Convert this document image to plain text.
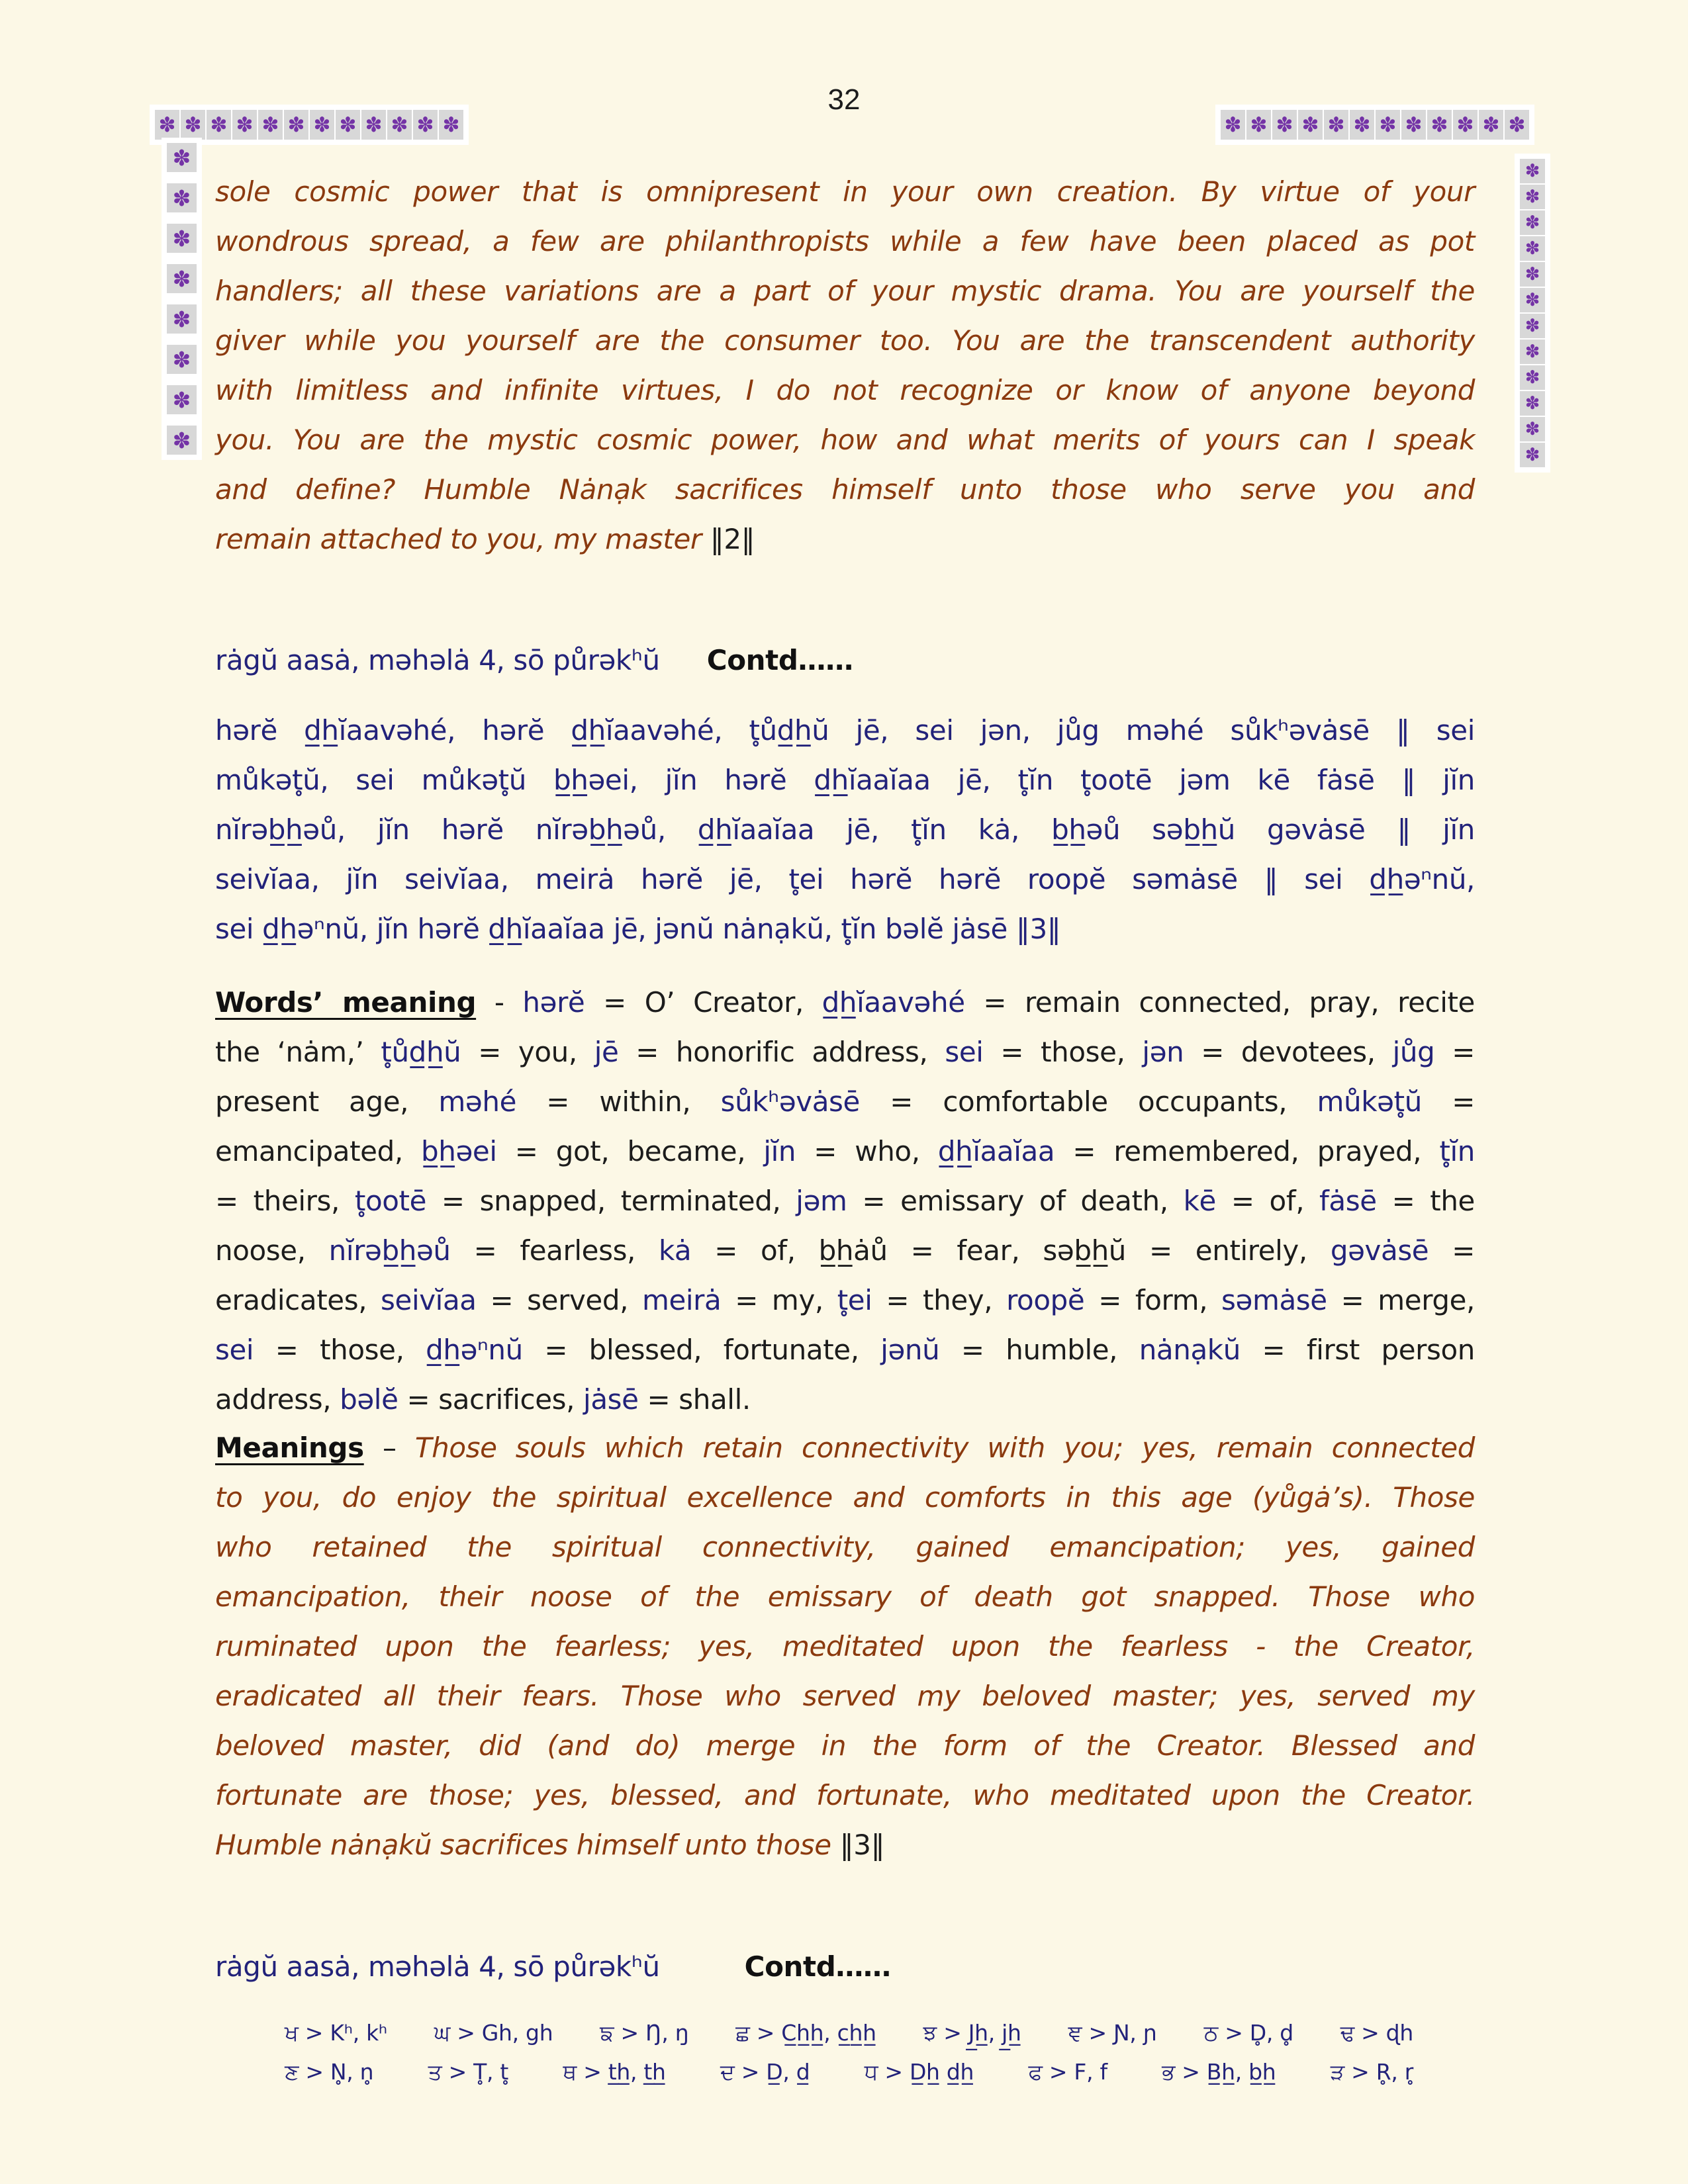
32
✽ ✽ ✽ ✽ ✽ ✽ ✽ ✽ ✽ ✽ ✽ ✽	✽ ✽ ✽ ✽ ✽ ✽ ✽ ✽ ✽ ✽ ✽ ✽
✽
✽
✽
✽
✽
✽
✽
✽
✽
✽
✽
✽
✽
✽
✽
✽
✽
✽
✽
✽
sole cosmic power that is omnipresent in your own creation. By virtue of your
wondrous spread, a few are philanthropists while a few have been placed as pot
handlers; all these variations are a part of your mystic drama. You are yourself the
giver while you yourself are the consumer too. You are the transcendent authority
with limitless and infinite virtues, I do not recognize or know of anyone beyond
you. You are the mystic cosmic power, how and what merits of yours can I speak
and define? Humble Nȧnạk sacrifices himself unto those who serve you and
remain attached to you, my master ‖2‖
rȧgŭ aasȧ, məhəlȧ 4, sō půrəkʰŭ     Contd……
hərĕ d̲h̲ĭaavəhé, hərĕ d̲h̲ĭaavəhé, t̥ůd̲h̲ŭ jē, sei jən, jůg məhé sůkʰəvȧsē ‖ sei
můkət̥ŭ, sei můkət̥ŭ b̲h̲əei, jĭn hərĕ d̲h̲ĭaaĭaa jē, t̥ĭn t̥ootē jəm kē fȧsē ‖ jĭn
nĭrəb̲h̲əů, jĭn hərĕ nĭrəb̲h̲əů, d̲h̲ĭaaĭaa jē, t̥ĭn kȧ, b̲h̲əů səb̲h̲ŭ gəvȧsē ‖ jĭn
seivĭaa, jĭn seivĭaa, meirȧ hərĕ jē, t̥ei hərĕ hərĕ roopĕ səmȧsē ‖ sei d̲h̲əⁿnŭ,
sei d̲h̲əⁿnŭ, jĭn hərĕ d̲h̲ĭaaĭaa jē, jənŭ nȧnạkŭ, t̥ĭn bəlĕ jȧsē ‖3‖
Words’ meaning - hərĕ = O’ Creator, d̲h̲ĭaavəhé = remain connected, pray, recite
the ‘nȧm,’ t̥ůd̲h̲ŭ = you, jē = honorific address, sei = those, jən = devotees, jůg =
present age, məhé = within, sůkʰəvȧsē = comfortable occupants, můkət̥ŭ =
emancipated, b̲h̲əei = got, became, jĭn = who, d̲h̲ĭaaĭaa = remembered, prayed, t̥ĭn
= theirs, t̥ootē = snapped, terminated, jəm = emissary of death, kē = of, fȧsē = the
noose, nĭrəb̲h̲əů = fearless, kȧ = of, b̲h̲ȧů = fear, səb̲h̲ŭ = entirely, gəvȧsē =
eradicates, seivĭaa = served, meirȧ = my, t̥ei = they, roopĕ = form, səmȧsē = merge,
sei = those, d̲h̲əⁿnŭ = blessed, fortunate, jənŭ = humble, nȧnạkŭ = first person
address, bəlĕ = sacrifices, jȧsē = shall.
Meanings – Those souls which retain connectivity with you; yes, remain connected
to you, do enjoy the spiritual excellence and comforts in this age (yůgȧ’s). Those
who retained the spiritual connectivity, gained emancipation; yes, gained
emancipation, their noose of the emissary of death got snapped. Those who
ruminated upon the fearless; yes, meditated upon the fearless - the Creator,
eradicated all their fears. Those who served my beloved master; yes, served my
beloved master, did (and do) merge in the form of the Creator. Blessed and
fortunate are those; yes, blessed, and fortunate, who meditated upon the Creator.
Humble nȧnạkŭ sacrifices himself unto those ‖3‖
rȧgŭ aasȧ, məhəlȧ 4, sō půrəkʰŭ         Contd……
ਖ > Kʰ, kʰ ਘ > Gh, gh ਙ > Ŋ, ŋ ਛ > C̲h̲h̲, c̲h̲h̲ ਝ > J̲h̲, j̲h̲ ਞ > Ɲ, ɲ ਠ > D̥, d̥ ਢ > ɖh
ਣ > N̥, n̥ ਤ > T̥, t̥ ਥ > t̲h̲, t̲h̲ ਦ > D̲, d̲ ਧ > D̲h̲ d̲h̲ ਫ > F, f ਭ > B̲h̲, b̲h̲ ੜ > R̥, r̥
